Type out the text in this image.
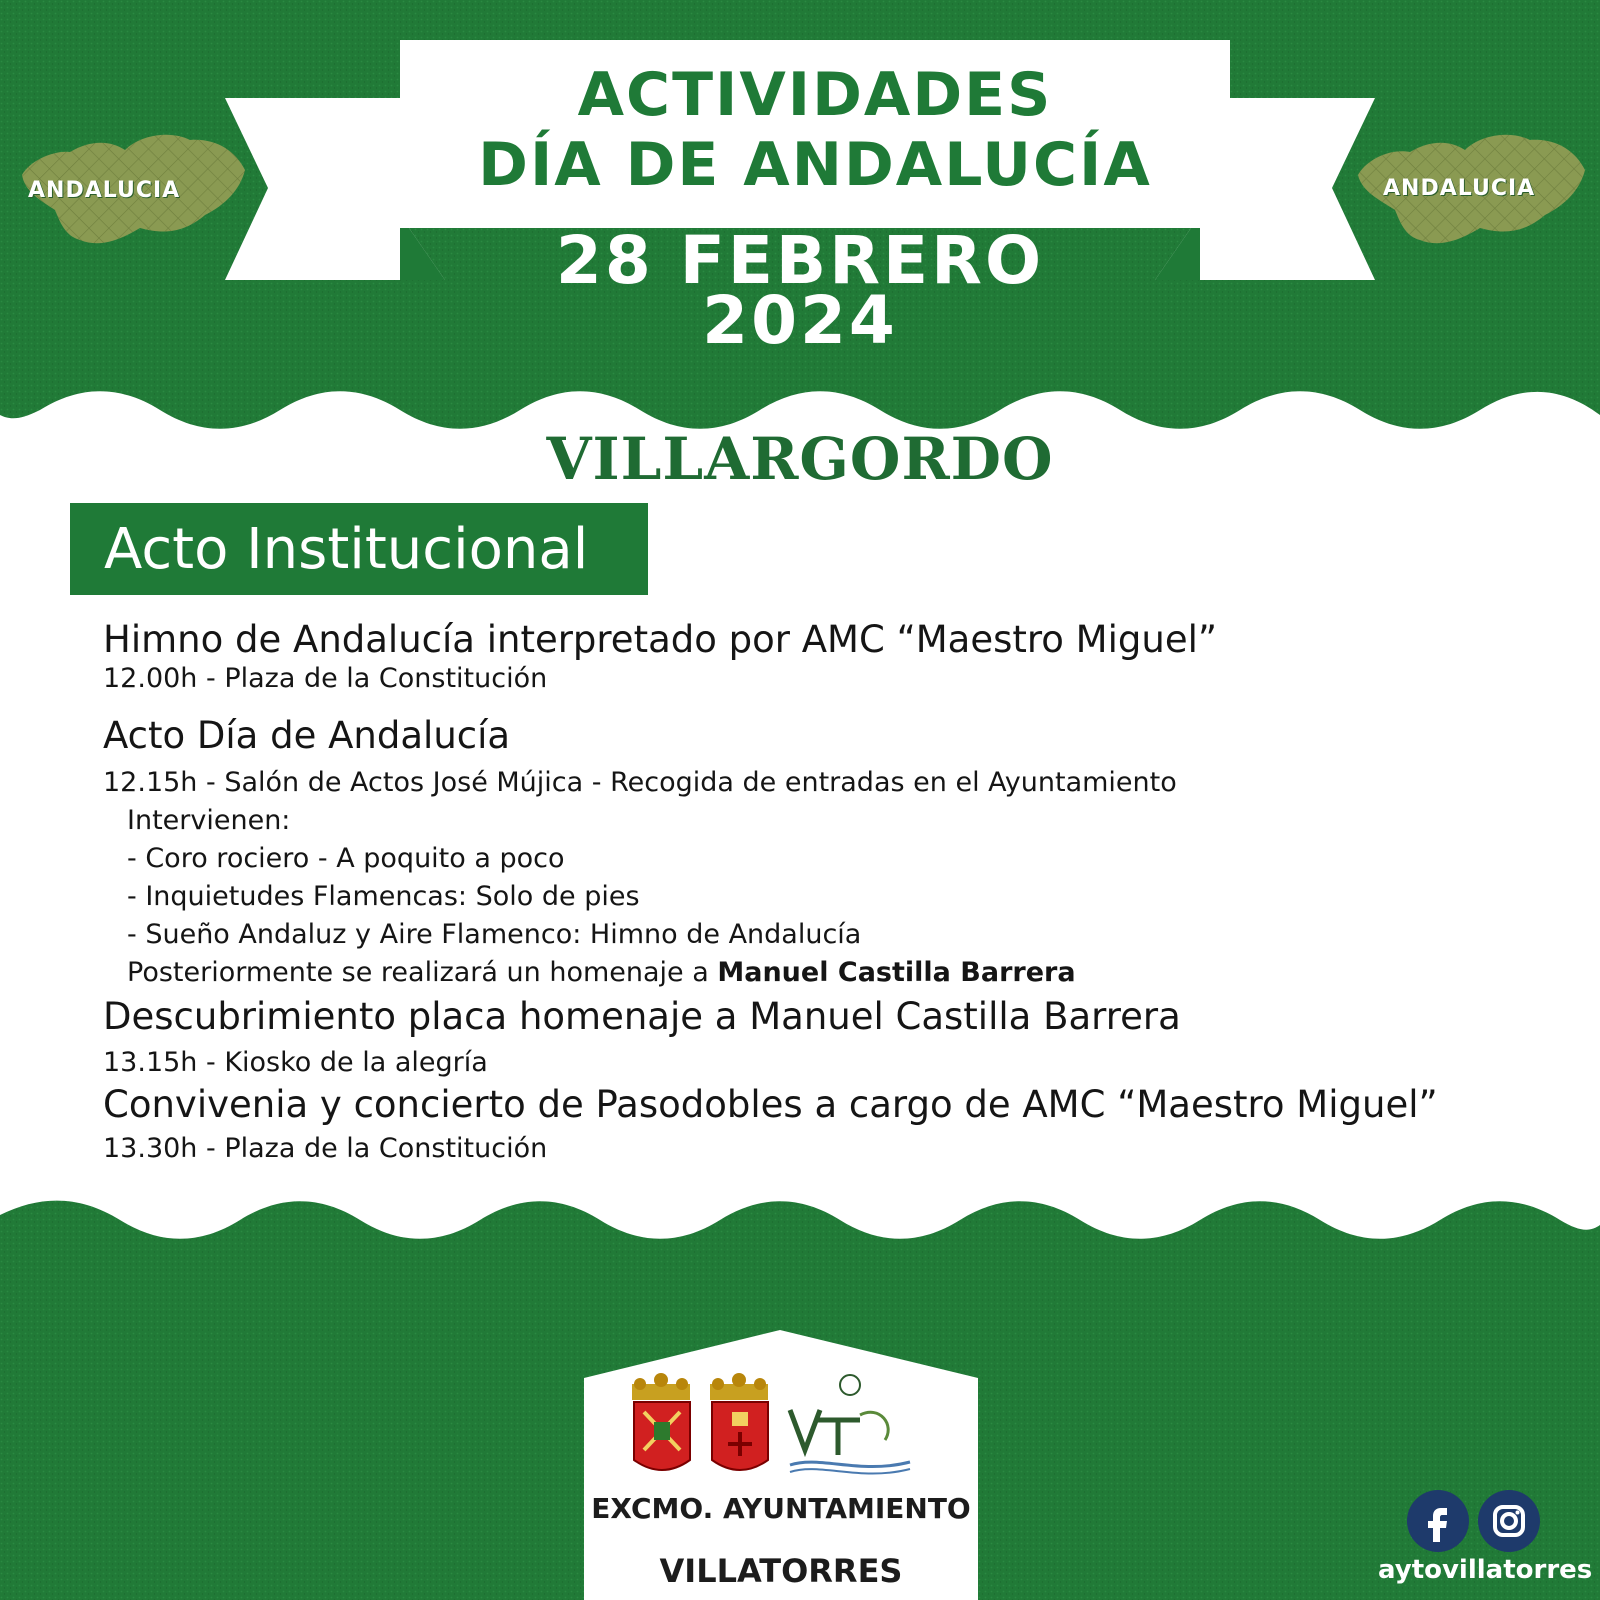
ACTIVIDADES
DÍA DE ANDALUCÍA
28 FEBRERO
2024
ANDALUCIA	ANDALUCIA
VILLARGORDO
Acto Institucional
Himno de Andalucía interpretado por AMC “Maestro Miguel”
12.00h - Plaza de la Constitución
Acto Día de Andalucía
12.15h - Salón de Actos José Mújica - Recogida de entradas en el Ayuntamiento
Intervienen:
- Coro rociero - A poquito a poco
- Inquietudes Flamencas: Solo de pies
- Sueño Andaluz y Aire Flamenco: Himno de Andalucía
Posteriormente se realizará un homenaje a Manuel Castilla Barrera
Descubrimiento placa homenaje a Manuel Castilla Barrera
13.15h - Kiosko de la alegría
Convivenia y concierto de Pasodobles a cargo de AMC “Maestro Miguel”
13.30h - Plaza de la Constitución
EXCMO. AYUNTAMIENTO
VILLATORRES	aytovillatorres
